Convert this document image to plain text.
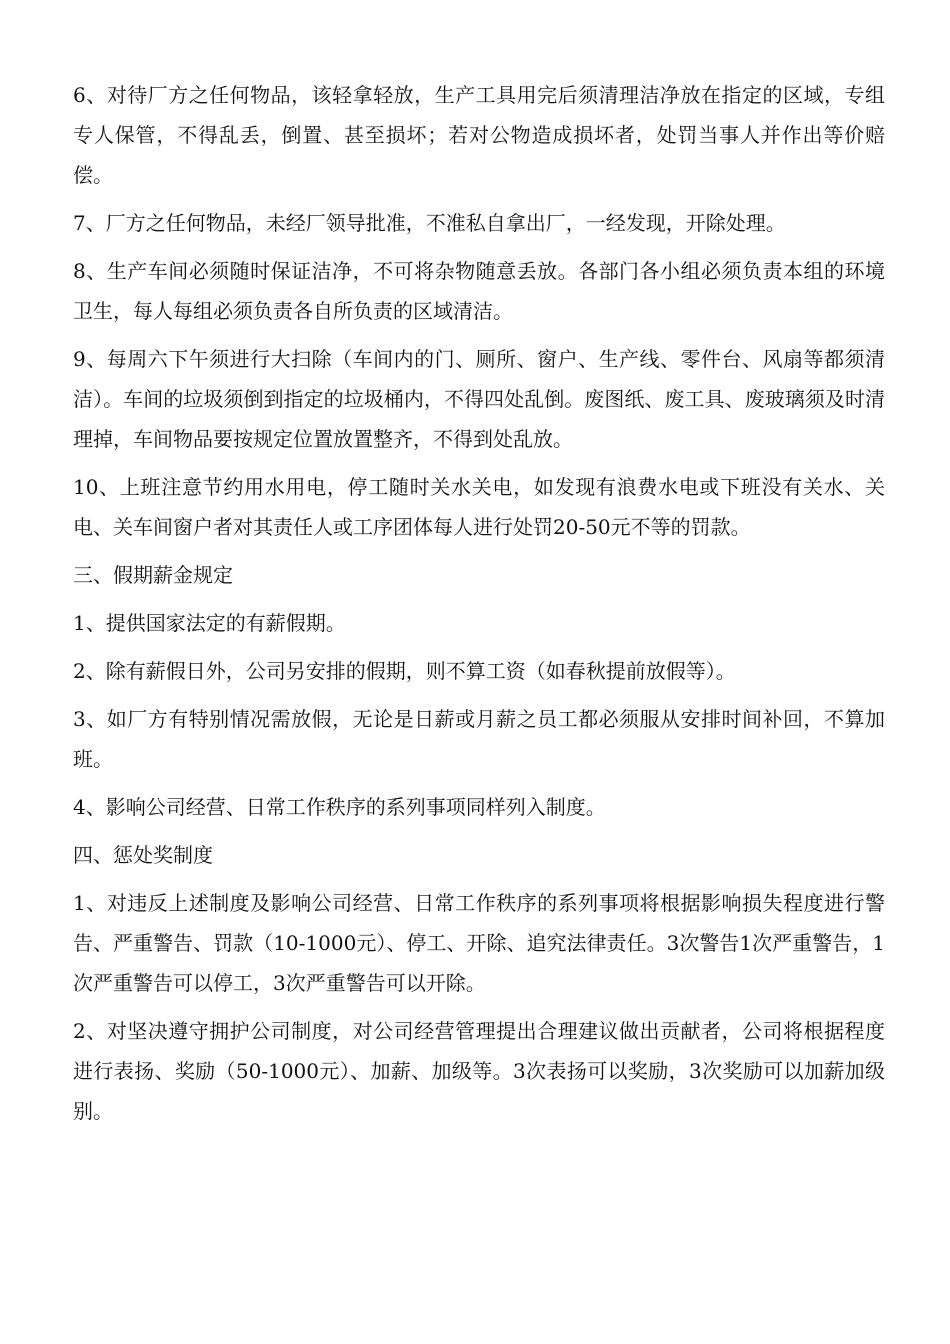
6、对待厂方之任何物品，该轻拿轻放，生产工具用完后须清理洁净放在指定的区域，专组专人保管，不得乱丢，倒置、甚至损坏；若对公物造成损坏者，处罚当事人并作出等价赔偿。

7、厂方之任何物品，未经厂领导批准，不准私自拿出厂，一经发现，开除处理。

8、生产车间必须随时保证洁净，不可将杂物随意丢放。各部门各小组必须负责本组的环境卫生，每人每组必须负责各自所负责的区域清洁。

9、每周六下午须进行大扫除（车间内的门、厕所、窗户、生产线、零件台、风扇等都须清洁）。车间的垃圾须倒到指定的垃圾桶内，不得四处乱倒。废图纸、废工具、废玻璃须及时清理掉，车间物品要按规定位置放置整齐，不得到处乱放。

10、上班注意节约用水用电，停工随时关水关电，如发现有浪费水电或下班没有关水、关电、关车间窗户者对其责任人或工序团体每人进行处罚20-50元不等的罚款。

三、假期薪金规定

1、提供国家法定的有薪假期。

2、除有薪假日外，公司另安排的假期，则不算工资（如春秋提前放假等）。

3、如厂方有特别情况需放假，无论是日薪或月薪之员工都必须服从安排时间补回，不算加班。

4、影响公司经营、日常工作秩序的系列事项同样列入制度。

四、惩处奖制度

1、对违反上述制度及影响公司经营、日常工作秩序的系列事项将根据影响损失程度进行警告、严重警告、罚款（10-1000元）、停工、开除、追究法律责任。3次警告1次严重警告，1次严重警告可以停工，3次严重警告可以开除。

2、对坚决遵守拥护公司制度，对公司经营管理提出合理建议做出贡献者，公司将根据程度进行表扬、奖励（50-1000元）、加薪、加级等。3次表扬可以奖励，3次奖励可以加薪加级别。
